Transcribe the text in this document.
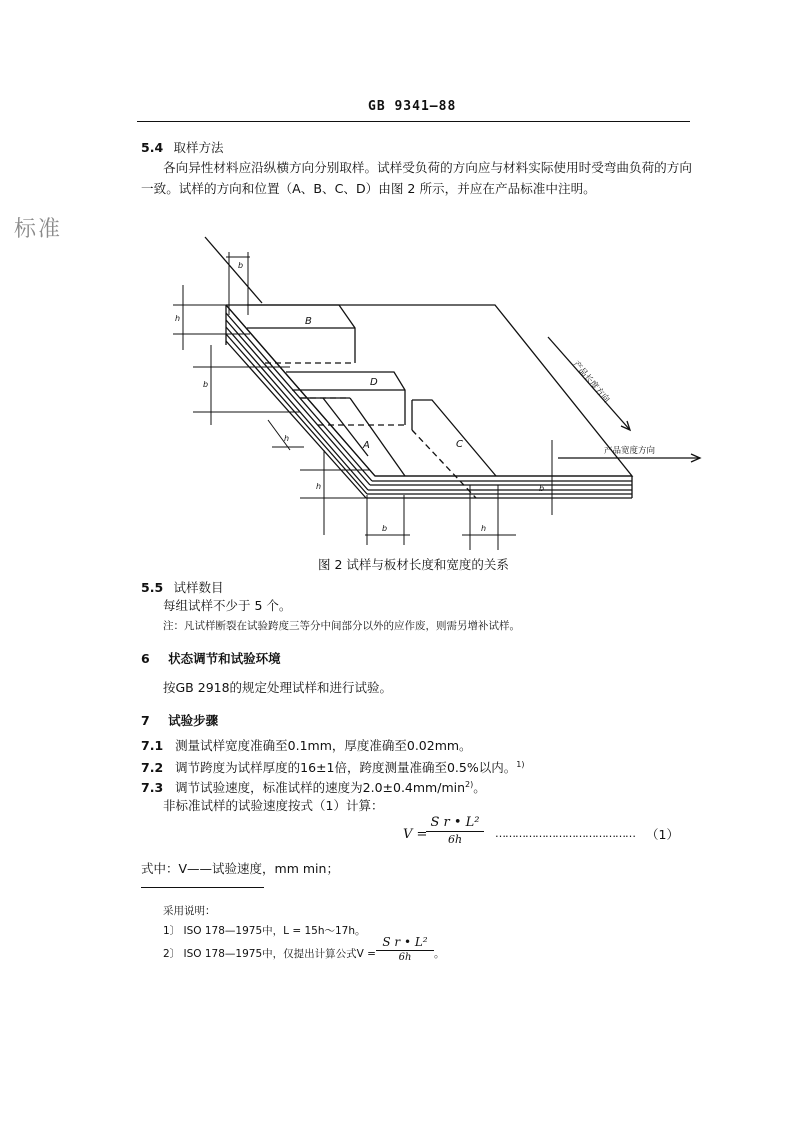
GB 9341—88
标准
5.4 取样方法
各向异性材料应沿纵横方向分别取样。试样受负荷的方向应与材料实际使用时受弯曲负荷的方向
一致。试样的方向和位置（A、B、C、D）由图 2 所示，并应在产品标准中注明。
B
D
A	C
b
h
b
h
h
b	h
b
产品长度方向
产品宽度方向
图 2 试样与板材长度和宽度的关系
5.5 试样数目
每组试样不少于 5 个。
注：凡试样断裂在试验跨度三等分中间部分以外的应作废，则需另增补试样。
6 状态调节和试验环境
按GB 2918的规定处理试样和进行试验。
7 试验步骤
7.1 测量试样宽度准确至0.1mm，厚度准确至0.02mm。
7.2 调节跨度为试样厚度的16±1倍，跨度测量准确至0.5%以内。$^{1)}$
7.3 调节试验速度，标准试样的速度为$2.0\pm 0.4mm/\min^{2)}$。
非标准试样的试验速度按式（1）计算：
V =
S r • L²
6h	…………………………………… （1）
式中：V——试验速度，mm min；
采用说明：
1〕 ISO 178—1975中，L = 15h～17h。
2〕 ISO 178—1975中，仅提出计算公式V =
S r • L²
6h	。
